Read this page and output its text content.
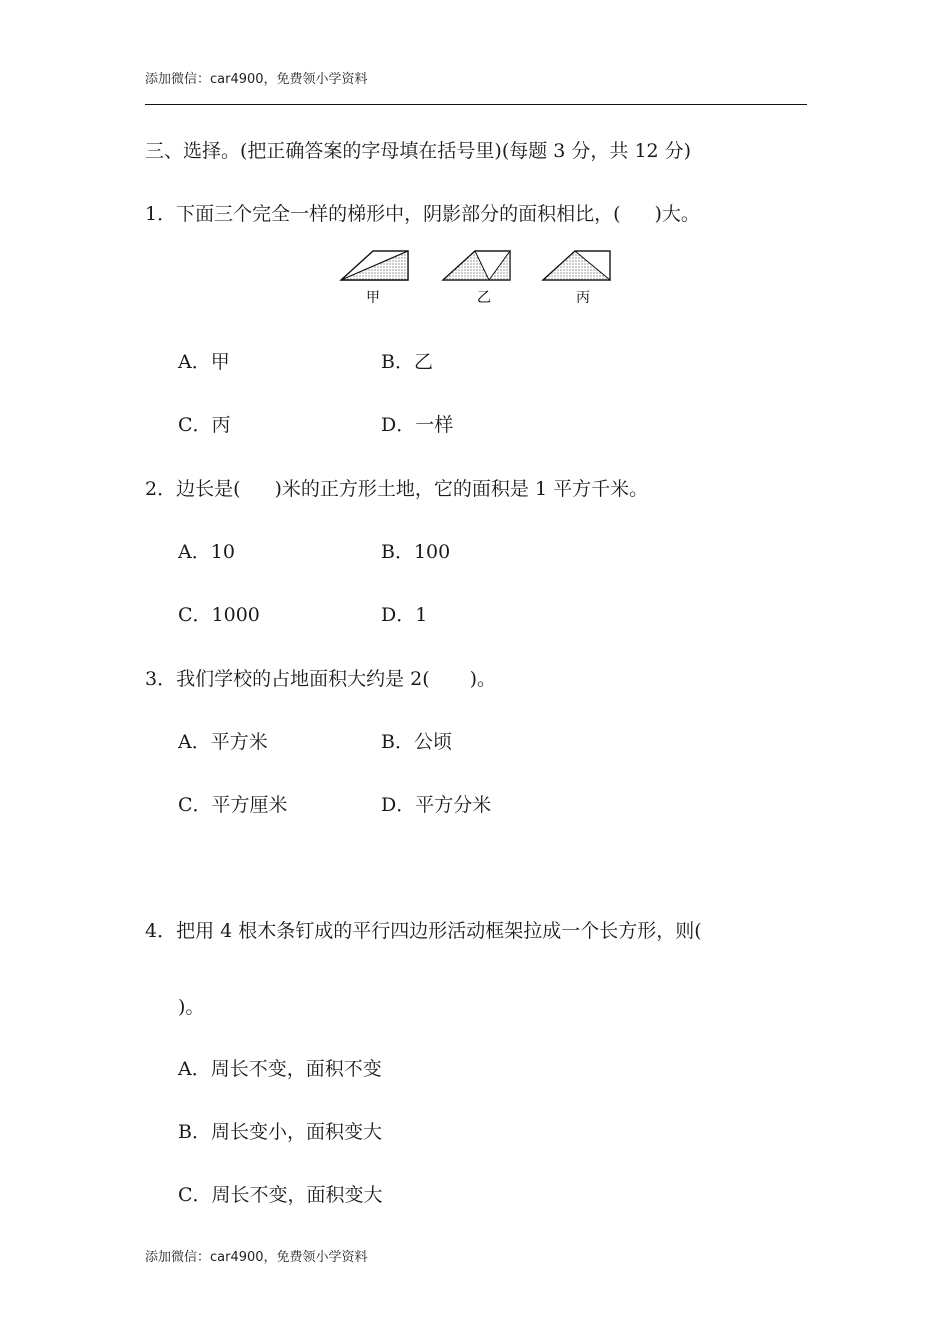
添加微信：car4900，免费领小学资料
三、选择。(把正确答案的字母填在括号里)(每题 3 分，共 12 分)
1．下面三个完全一样的梯形中，阴影部分的面积相比，( )大。
甲	乙	丙
A．甲	B．乙
C．丙	D．一样
2．边长是( )米的正方形土地，它的面积是 1 平方千米。
A．10	B．100
C．1000	D．1
3．我们学校的占地面积大约是 2( )。
A．平方米	B．公顷
C．平方厘米	D．平方分米
4．把用 4 根木条钉成的平行四边形活动框架拉成一个长方形，则(
)。
A．周长不变，面积不变
B．周长变小，面积变大
C．周长不变，面积变大
添加微信：car4900，免费领小学资料
